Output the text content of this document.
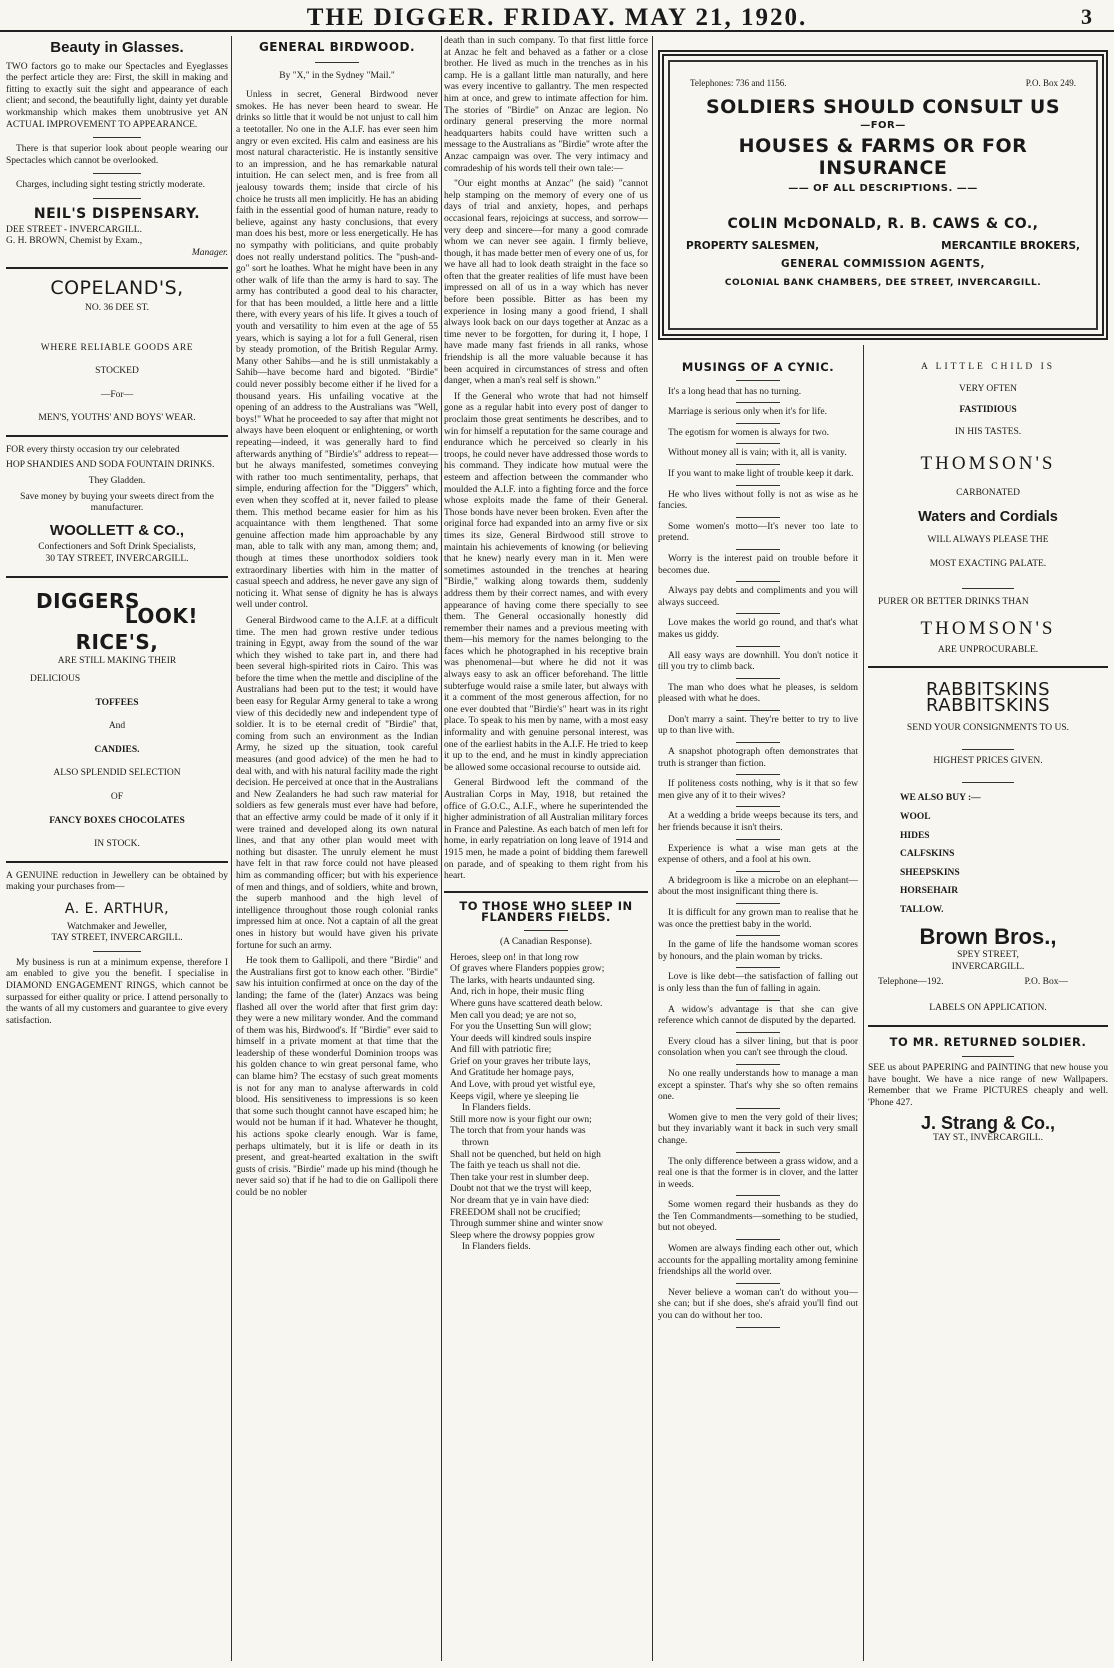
THE DIGGER. FRIDAY. MAY 21, 1920.	3
Beauty in Glasses.

TWO factors go to make our Spectacles and Eyeglasses the perfect article they are: First, the skill in making and fitting to exactly suit the sight and appearance of each client; and second, the beautifully light, dainty yet durable workmanship which makes them unobtrusive yet AN ACTUAL IMPROVEMENT TO APPEARANCE.

There is that superior look about people wearing our Spectacles which cannot be overlooked.

Charges, including sight testing strictly moderate.

NEIL'S DISPENSARY.

DEE STREET - INVERCARGILL.

G. H. BROWN, Chemist by Exam.,

Manager.

COPELAND'S,

NO. 36 DEE ST.

WHERE RELIABLE GOODS ARE

STOCKED

—For—

MEN'S, YOUTHS' AND BOYS' WEAR.

FOR every thirsty occasion try our celebrated

HOP SHANDIES AND SODA FOUNTAIN DRINKS.

They Gladden.

Save money by buying your sweets direct from the manufacturer.

WOOLLETT & CO.,

Confectioners and Soft Drink Specialists,

30 TAY STREET, INVERCARGILL.

DIGGERS
LOOK!
RICE'S,

ARE STILL MAKING THEIR

DELICIOUS

TOFFEES

And

CANDIES.

ALSO SPLENDID SELECTION

OF

FANCY BOXES CHOCOLATES

IN STOCK.

A GENUINE reduction in Jewellery can be obtained by making your purchases from—

A. E. ARTHUR,

Watchmaker and Jeweller,

TAY STREET, INVERCARGILL.

My business is run at a minimum expense, therefore I am enabled to give you the benefit. I specialise in DIAMOND ENGAGEMENT RINGS, which cannot be surpassed for either quality or price. I attend personally to the wants of all my customers and guarantee to give every satisfaction.

GENERAL BIRDWOOD.

By "X," in the Sydney "Mail."

Unless in secret, General Birdwood never smokes. He has never been heard to swear. He drinks so little that it would be not unjust to call him a teetotaller. No one in the A.I.F. has ever seen him angry or even excited. His calm and easiness are his most natural characteristic. He is instantly sensitive to an impression, and he has remarkable natural intuition. He can select men, and is free from all jealousy towards them; inside that circle of his choice he trusts all men implicitly. He has an abiding faith in the essential good of human nature, ready to believe, against any hasty conclusions, that every man does his best, more or less energetically. He has no sympathy with politicians, and quite probably does not really understand politics. The "push-and-go" sort he loathes. What he might have been in any other walk of life than the army is hard to say. The army has contributed a good deal to his character, for that has been moulded, a little here and a little there, with every years of his life. It gives a touch of youth and versatility to him even at the age of 55 years, which is saying a lot for a full General, risen by steady promotion, of the British Regular Army. Many other Sahibs—and he is still unmistakably a Sahib—have become hard and bigoted. "Birdie" could never possibly become either if he lived for a thousand years. His unfailing vocative at the opening of an address to the Australians was "Well, boys!" What he proceeded to say after that might not always have been eloquent or enlightening, or worth repeating—indeed, it was generally hard to find afterwards anything of "Birdie's" address to repeat—but he always manifested, sometimes conveying with rather too much sentimentality, perhaps, that simple, enduring affection for the "Diggers" which, even when they scoffed at it, never failed to please them. This method became easier for him as his acquaintance with them lengthened. That some genuine affection made him approachable by any man, able to talk with any man, among them; and, though at times these unorthodox soldiers took extraordinary liberties with him in the matter of casual speech and address, he never gave any sign of noticing it. What sense of dignity he has is always well under control.

General Birdwood came to the A.I.F. at a difficult time. The men had grown restive under tedious training in Egypt, away from the sound of the war which they wished to take part in, and there had been several high-spirited riots in Cairo. This was before the time when the mettle and discipline of the Australians had been put to the test; it would have been easy for Regular Army general to take a wrong view of this decidedly new and independent type of soldier. It is to be eternal credit of "Birdie" that, coming from such an environment as the Indian Army, he sized up the situation, took careful measures (and good advice) of the men he had to deal with, and with his natural facility made the right decision. He perceived at once that in the Australians and New Zealanders he had such raw material for soldiers as few generals must ever have had before, that an effective army could be made of it only if it were trained and developed along its own natural lines, and that any other plan would meet with nothing but disaster. The unruly element he must have felt in that raw force could not have pleased him as commanding officer; but with his experience of men and things, and of soldiers, white and brown, the superb manhood and the high level of intelligence throughout those rough colonial ranks impressed him at once. Not a captain of all the great ones in history but would have given his private fortune for such an army.

He took them to Gallipoli, and there "Birdie" and the Australians first got to know each other. "Birdie" saw his intuition confirmed at once on the day of the landing; the fame of the (later) Anzacs was being flashed all over the world after that first grim day: they were a new military wonder. And the command of them was his, Birdwood's. If "Birdie" ever said to himself in a private moment at that time that the leadership of these wonderful Dominion troops was his golden chance to win great personal fame, who can blame him? The ecstasy of such great moments is not for any man to analyse afterwards in cold blood. His sensitiveness to impressions is so keen that some such thought cannot have escaped him; he would not be human if it had. Whatever he thought, his actions spoke clearly enough. War is fame, perhaps ultimately, but it is life or death in its present, and great-hearted exaltation in the swift gusts of crisis. "Birdie" made up his mind (though he never said so) that if he had to die on Gallipoli there could be no nobler

death than in such company. To that first little force at Anzac he felt and behaved as a father or a close brother. He lived as much in the trenches as in his camp. He is a gallant little man naturally, and here was every incentive to gallantry. The men respected him at once, and grew to intimate affection for him. The stories of "Birdie" on Anzac are legion. No ordinary general preserving the more normal headquarters habits could have written such a message to the Australians as "Birdie" wrote after the Anzac campaign was over. The very intimacy and comradeship of his words tell their own tale:—

"Our eight months at Anzac" (he said) "cannot help stamping on the memory of every one of us days of trial and anxiety, hopes, and perhaps occasional fears, rejoicings at success, and sorrow—very deep and sincere—for many a good comrade whom we can never see again. I firmly believe, though, it has made better men of every one of us, for we have all had to look death straight in the face so often that the greater realities of life must have been impressed on all of us in a way which has never before been possible. Bitter as has been my experience in losing many a good friend, I shall always look back on our days together at Anzac as a time never to be forgotten, for during it, I hope, I have made many fast friends in all ranks, whose friendship is all the more valuable because it has been acquired in circumstances of stress and often danger, when a man's real self is shown."

If the General who wrote that had not himself gone as a regular habit into every post of danger to proclaim those great sentiments he describes, and to win for himself a reputation for the same courage and endurance which he perceived so clearly in his troops, he could never have addressed those words to his command. They indicate how mutual were the esteem and affection between the commander who moulded the A.I.F. into a fighting force and the force whose exploits made the fame of their General. Those bonds have never been broken. Even after the original force had expanded into an army five or six times its size, General Birdwood still strove to maintain his achievements of knowing (or believing that he knew) nearly every man in it. Men were sometimes astounded in the trenches at hearing "Birdie," walking along towards them, suddenly address them by their correct names, and with every appearance of having come there specially to see them. The General occasionally honestly did remember their names and a previous meeting with them—his memory for the names belonging to the faces which he photographed in his receptive brain was phenomenal—but where he did not it was always easy to ask an officer beforehand. The little subterfuge would raise a smile later, but always with it a comment of the most generous affection, for no one ever doubted that "Birdie's" heart was in its right place. To speak to his men by name, with a most easy informality and with genuine personal interest, was one of the earliest habits in the A.I.F. He tried to keep it up to the end, and he must in kindly appreciation be allowed some occasional recourse to outside aid.

General Birdwood left the command of the Australian Corps in May, 1918, but retained the office of G.O.C., A.I.F., where he superintended the higher administration of all Australian military forces in France and Palestine. As each batch of men left for home, in early repatriation on long leave of 1914 and 1915 men, he made a point of bidding them farewell on parade, and of speaking to them right from his heart.

TO THOSE WHO SLEEP IN FLANDERS FIELDS.

(A Canadian Response).

Heroes, sleep on! in that long row
Of graves where Flanders poppies grow;
The larks, with hearts undaunted sing.
And, rich in hope, their music fling
Where guns have scattered death below.
Men call you dead; ye are not so,
For you the Unsetting Sun will glow;
Your deeds will kindred souls inspire
And fill with patriotic fire;
Grief on your graves her tribute lays,
And Gratitude her homage pays,
And Love, with proud yet wistful eye,
Keeps vigil, where ye sleeping lie
In Flanders fields.
Still more now is your fight our own;
The torch that from your hands was
thrown
Shall not be quenched, but held on high
The faith ye teach us shall not die.
Then take your rest in slumber deep.
Doubt not that we the tryst will keep,
Nor dream that ye in vain have died:
FREEDOM shall not be crucified;
Through summer shine and winter snow
Sleep where the drowsy poppies grow
In Flanders fields.
Telephones: 736 and 1156.	P.O. Box 249.
SOLDIERS SHOULD CONSULT US
—FOR—
HOUSES & FARMS OR FOR INSURANCE
—— OF ALL DESCRIPTIONS. ——
COLIN McDONALD, R. B. CAWS & CO.,
PROPERTY SALESMEN,	MERCANTILE BROKERS,
GENERAL COMMISSION AGENTS,
COLONIAL BANK CHAMBERS, DEE STREET, INVERCARGILL.
MUSINGS OF A CYNIC.

It's a long head that has no turning.

Marriage is serious only when it's for life.

The egotism for women is always for two.

Without money all is vain; with it, all is vanity.

If you want to make light of trouble keep it dark.

He who lives without folly is not as wise as he fancies.

Some women's motto—It's never too late to pretend.

Worry is the interest paid on trouble before it becomes due.

Always pay debts and compliments and you will always succeed.

Love makes the world go round, and that's what makes us giddy.

All easy ways are downhill. You don't notice it till you try to climb back.

The man who does what he pleases, is seldom pleased with what he does.

Don't marry a saint. They're better to try to live up to than live with.

A snapshot photograph often demonstrates that truth is stranger than fiction.

If politeness costs nothing, why is it that so few men give any of it to their wives?

At a wedding a bride weeps because its ters, and her friends because it isn't theirs.

Experience is what a wise man gets at the expense of others, and a fool at his own.

A bridegroom is like a microbe on an elephant— about the most insignificant thing there is.

It is difficult for any grown man to realise that he was once the prettiest baby in the world.

In the game of life the handsome woman scores by honours, and the plain woman by tricks.

Love is like debt—the satisfaction of falling out is only less than the fun of falling in again.

A widow's advantage is that she can give reference which cannot de disputed by the departed.

Every cloud has a silver lining, but that is poor consolation when you can't see through the cloud.

No one really understands how to manage a man except a spinster. That's why she so often remains one.

Women give to men the very gold of their lives; but they invariably want it back in such very small change.

The only difference between a grass widow, and a real one is that the former is in clover, and the latter in weeds.

Some women regard their husbands as they do the Ten Commandments—something to be studied, but not obeyed.

Women are always finding each other out, which accounts for the appalling mortality among feminine friendships all the world over.

Never believe a woman can't do without you—she can; but if she does, she's afraid you'll find out you can do without her too.

A LITTLE CHILD IS

VERY OFTEN

FASTIDIOUS

IN HIS TASTES.

THOMSON'S

CARBONATED

Waters and Cordials

WILL ALWAYS PLEASE THE

MOST EXACTING PALATE.

PURER OR BETTER DRINKS THAN

THOMSON'S

ARE UNPROCURABLE.

RABBITSKINS
RABBITSKINS

SEND YOUR CONSIGNMENTS TO US.

HIGHEST PRICES GIVEN.

WE ALSO BUY :—

WOOL
HIDES
CALFSKINS
SHEEPSKINS
HORSEHAIR
TALLOW.
Brown Bros.,

SPEY STREET,

INVERCARGILL.

Telephone—192.	P.O. Box—

LABELS ON APPLICATION.

TO MR. RETURNED SOLDIER.

SEE us about PAPERING and PAINTING that new house you have bought. We have a nice range of new Wallpapers. Remember that we Frame PICTURES cheaply and well. 'Phone 427.

J. Strang & Co.,

TAY ST., INVERCARGILL.
